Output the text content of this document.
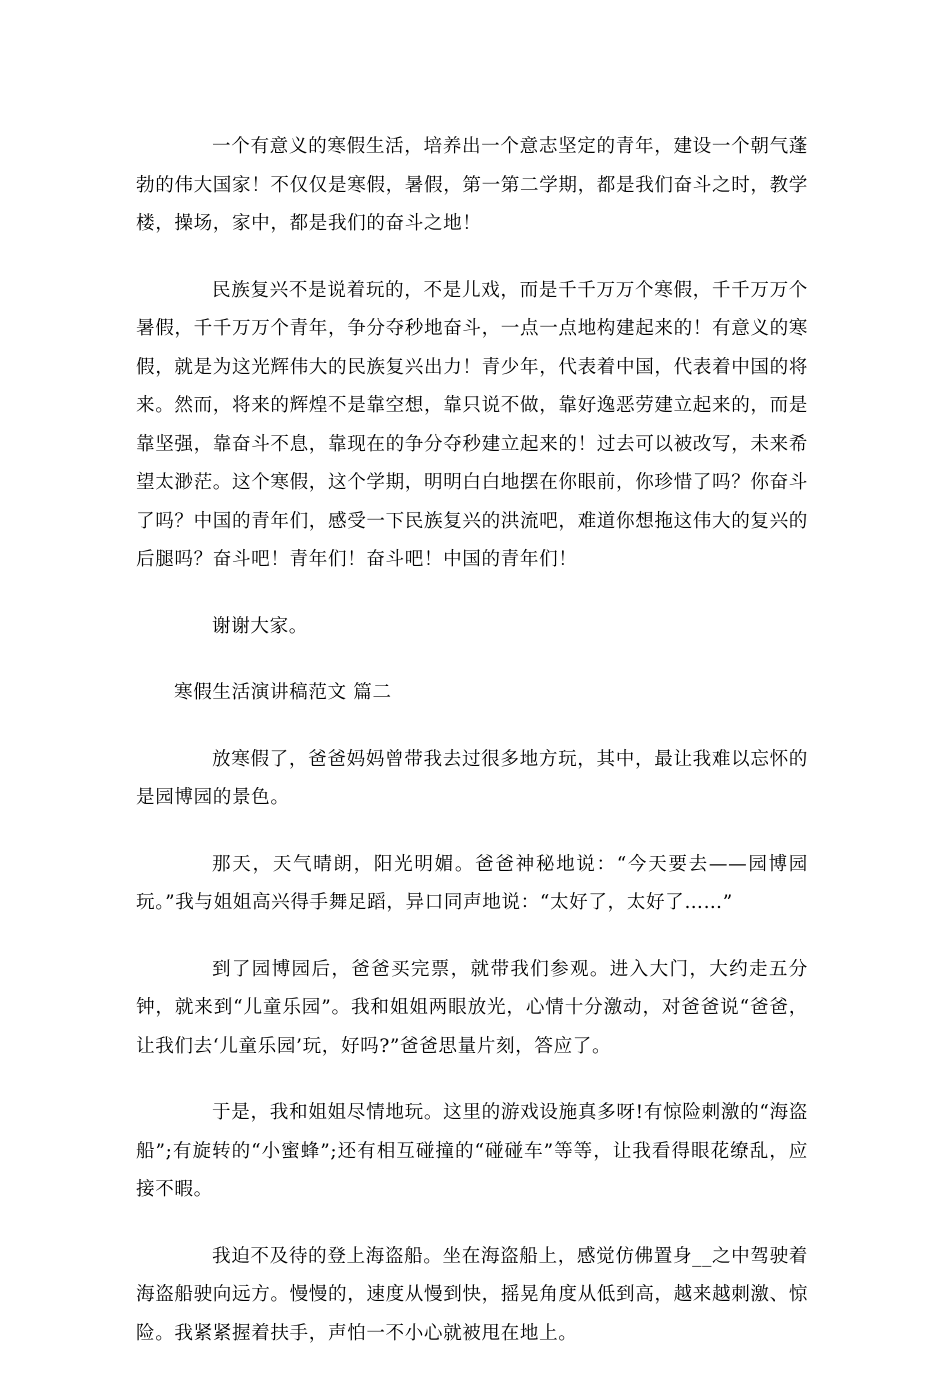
一个有意义的寒假生活，培养出一个意志坚定的青年，建设一个朝气蓬勃的伟大国家！不仅仅是寒假，暑假，第一第二学期，都是我们奋斗之时，教学楼，操场，家中，都是我们的奋斗之地！

民族复兴不是说着玩的，不是儿戏，而是千千万万个寒假，千千万万个暑假，千千万万个青年，争分夺秒地奋斗，一点一点地构建起来的！有意义的寒假，就是为这光辉伟大的民族复兴出力！青少年，代表着中国，代表着中国的将来。然而，将来的辉煌不是靠空想，靠只说不做，靠好逸恶劳建立起来的，而是靠坚强，靠奋斗不息，靠现在的争分夺秒建立起来的！过去可以被改写，未来希望太渺茫。这个寒假，这个学期，明明白白地摆在你眼前，你珍惜了吗？你奋斗了吗？中国的青年们，感受一下民族复兴的洪流吧，难道你想拖这伟大的复兴的后腿吗？奋斗吧！青年们！奋斗吧！中国的青年们！

谢谢大家。

寒假生活演讲稿范文 篇二

放寒假了，爸爸妈妈曾带我去过很多地方玩，其中，最让我难以忘怀的是园博园的景色。

那天，天气晴朗，阳光明媚。爸爸神秘地说：“今天要去——园博园玩。”我与姐姐高兴得手舞足蹈，异口同声地说：“太好了，太好了……”

到了园博园后，爸爸买完票，就带我们参观。进入大门，大约走五分钟，就来到“儿童乐园”。我和姐姐两眼放光，心情十分激动，对爸爸说“爸爸，让我们去‘儿童乐园’玩，好吗?”爸爸思量片刻，答应了。

于是，我和姐姐尽情地玩。这里的游戏设施真多呀!有惊险刺激的“海盗船”;有旋转的“小蜜蜂”;还有相互碰撞的“碰碰车”等等，让我看得眼花缭乱，应接不暇。

我迫不及待的登上海盗船。坐在海盗船上，感觉仿佛置身__之中驾驶着海盗船驶向远方。慢慢的，速度从慢到快，摇晃角度从低到高，越来越刺激、惊险。我紧紧握着扶手，声怕一不小心就被甩在地上。
